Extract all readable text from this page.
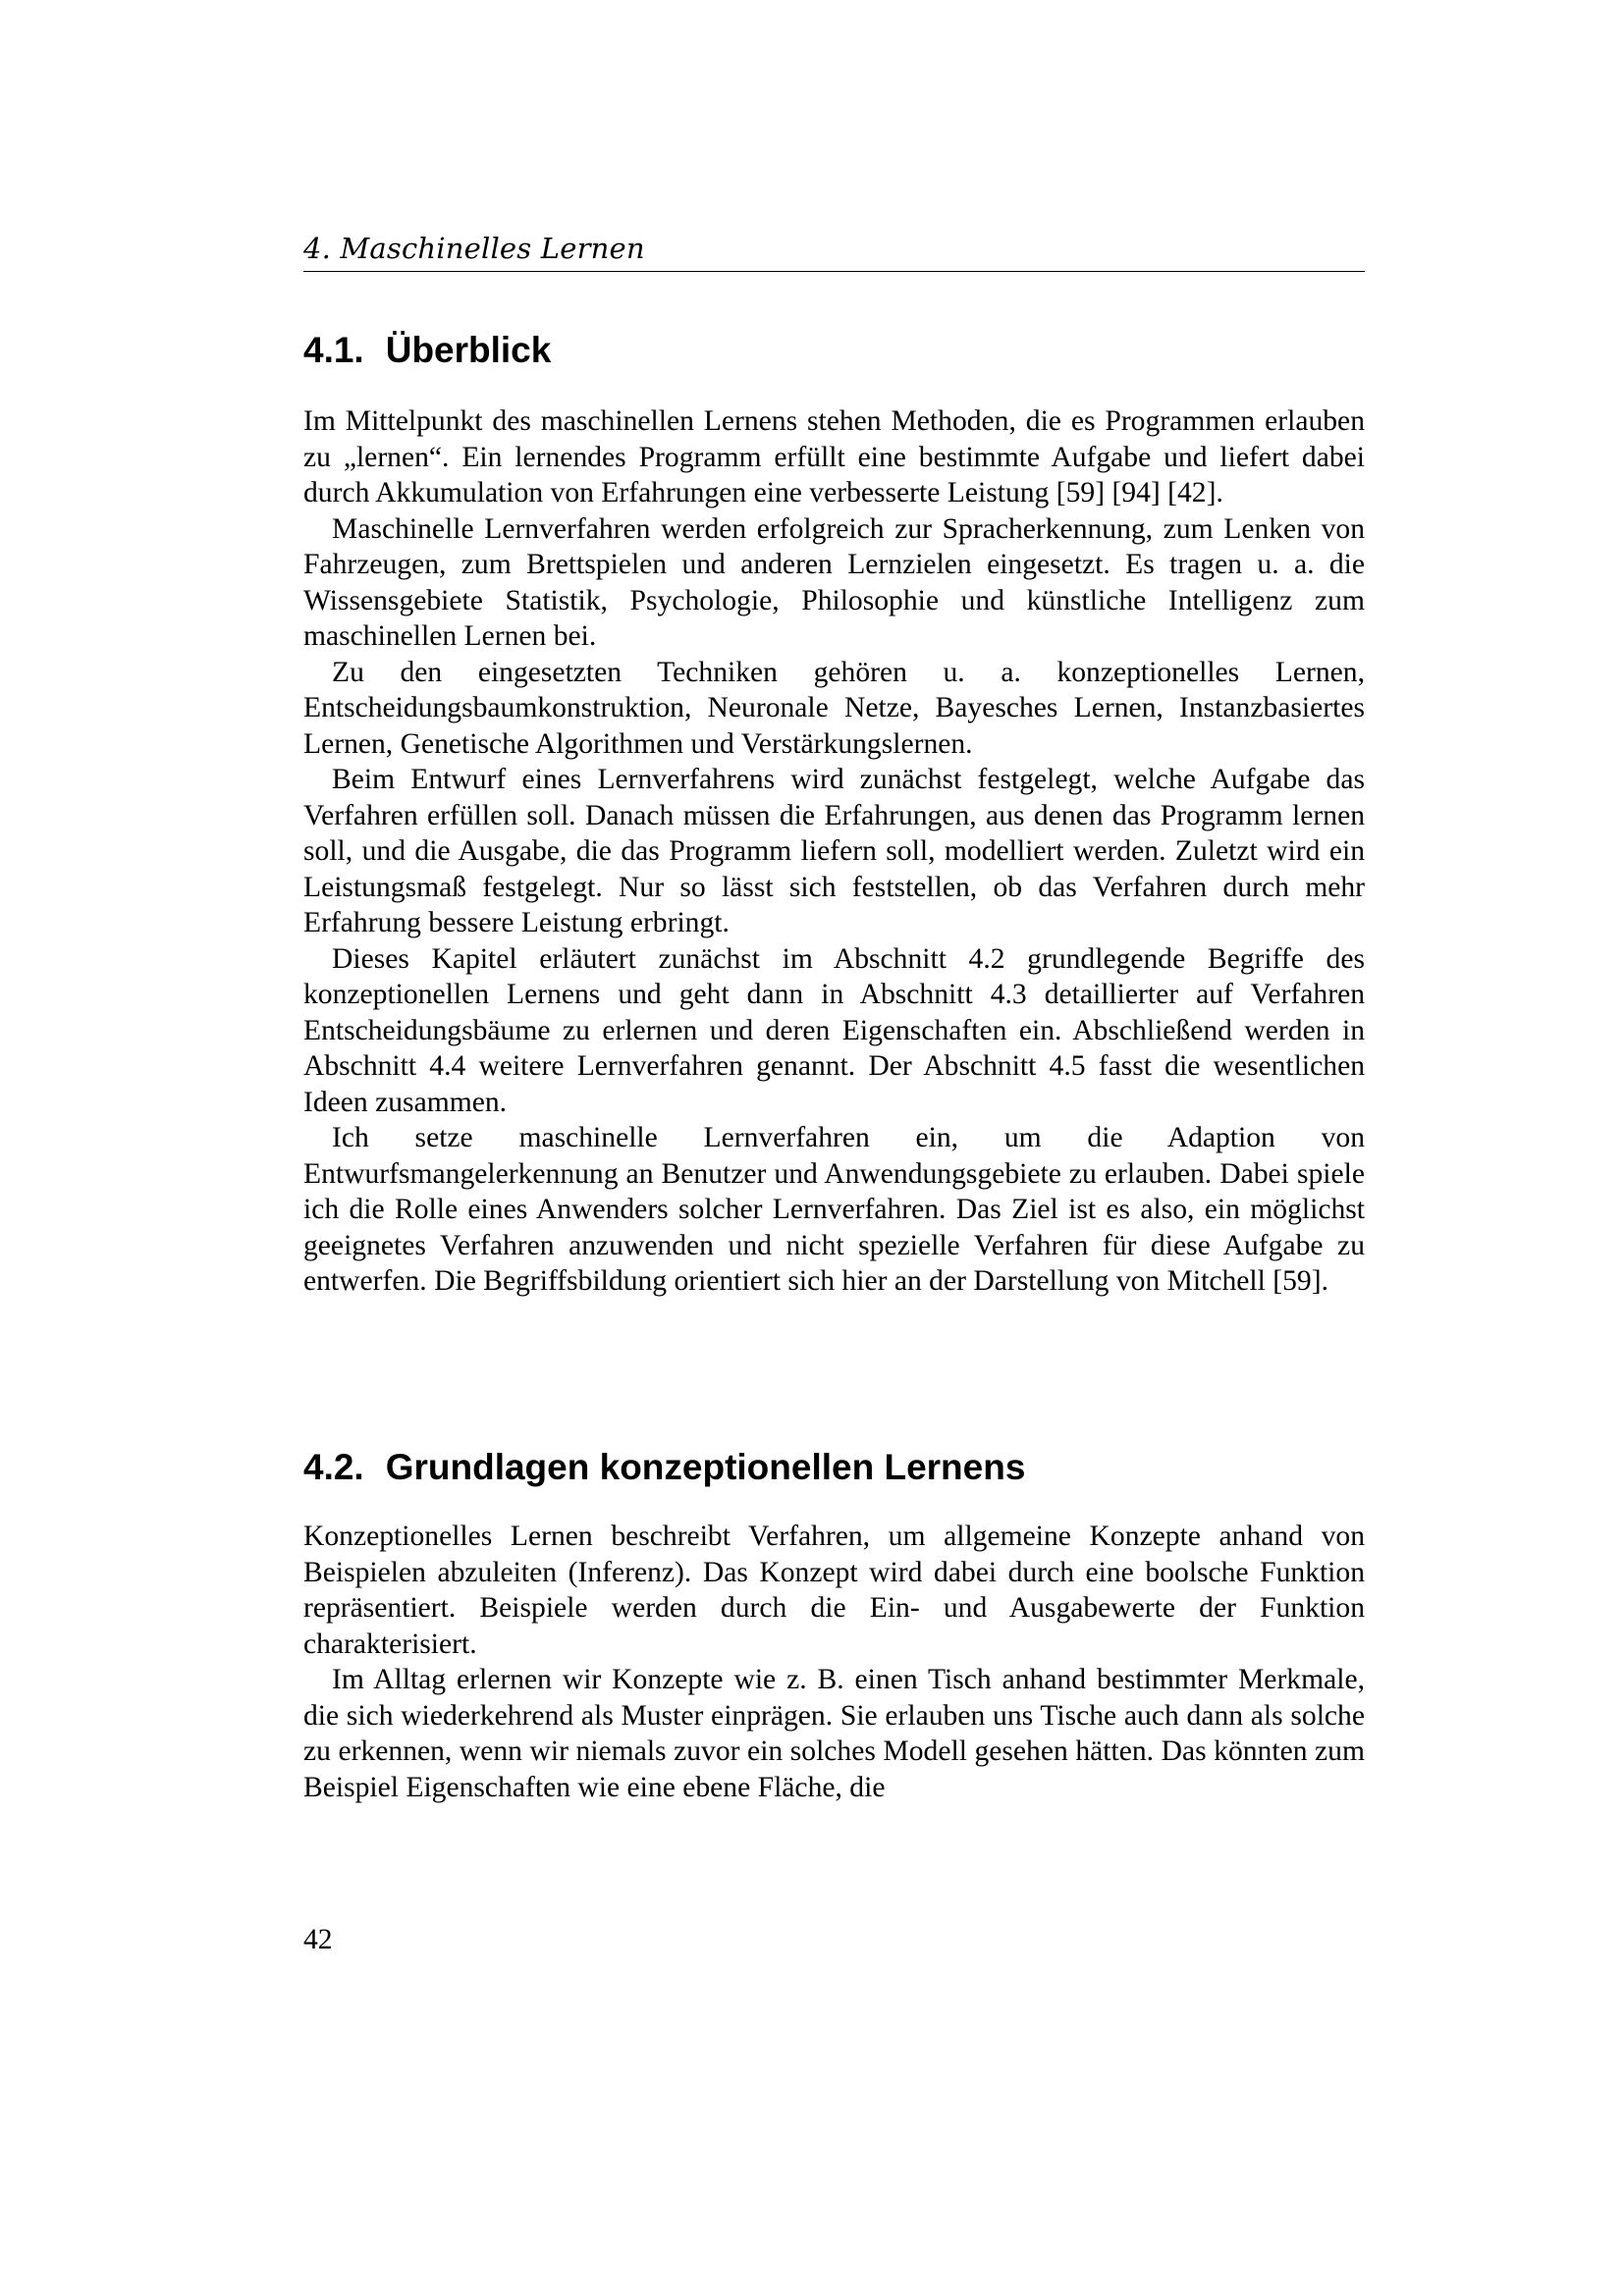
4. Maschinelles Lernen
4.1. Überblick

Im Mittelpunkt des maschinellen Lernens stehen Methoden, die es Programmen erlauben zu „lernen“. Ein lernendes Programm erfüllt eine bestimmte Aufgabe und liefert dabei durch Akkumulation von Erfahrungen eine verbesserte Leistung [59] [94] [42].

Maschinelle Lernverfahren werden erfolgreich zur Spracherkennung, zum Lenken von Fahrzeugen, zum Brettspielen und anderen Lernzielen eingesetzt. Es tragen u. a. die Wissensgebiete Statistik, Psychologie, Philosophie und künstliche Intelligenz zum maschinellen Lernen bei.

Zu den eingesetzten Techniken gehören u. a. konzeptionelles Lernen, Entscheidungsbaumkonstruktion, Neuronale Netze, Bayesches Lernen, Instanzbasiertes Lernen, Genetische Algorithmen und Verstärkungslernen.

Beim Entwurf eines Lernverfahrens wird zunächst festgelegt, welche Aufgabe das Verfahren erfüllen soll. Danach müssen die Erfahrungen, aus denen das Programm lernen soll, und die Ausgabe, die das Programm liefern soll, modelliert werden. Zuletzt wird ein Leistungsmaß festgelegt. Nur so lässt sich feststellen, ob das Verfahren durch mehr Erfahrung bessere Leistung erbringt.

Dieses Kapitel erläutert zunächst im Abschnitt 4.2 grundlegende Begriffe des konzeptionellen Lernens und geht dann in Abschnitt 4.3 detaillierter auf Verfahren Entscheidungsbäume zu erlernen und deren Eigenschaften ein. Abschließend werden in Abschnitt 4.4 weitere Lernverfahren genannt. Der Abschnitt 4.5 fasst die wesentlichen Ideen zusammen.

Ich setze maschinelle Lernverfahren ein, um die Adaption von Entwurfsmangelerkennung an Benutzer und Anwendungsgebiete zu erlauben. Dabei spiele ich die Rolle eines Anwenders solcher Lernverfahren. Das Ziel ist es also, ein möglichst geeignetes Verfahren anzuwenden und nicht spezielle Verfahren für diese Aufgabe zu entwerfen. Die Begriffsbildung orientiert sich hier an der Darstellung von Mitchell [59].

4.2. Grundlagen konzeptionellen Lernens

Konzeptionelles Lernen beschreibt Verfahren, um allgemeine Konzepte anhand von Beispielen abzuleiten (Inferenz). Das Konzept wird dabei durch eine boolsche Funktion repräsentiert. Beispiele werden durch die Ein- und Ausgabewerte der Funktion charakterisiert.

Im Alltag erlernen wir Konzepte wie z. B. einen Tisch anhand bestimmter Merkmale, die sich wiederkehrend als Muster einprägen. Sie erlauben uns Tische auch dann als solche zu erkennen, wenn wir niemals zuvor ein solches Modell gesehen hätten. Das könnten zum Beispiel Eigenschaften wie eine ebene Fläche, die

42
